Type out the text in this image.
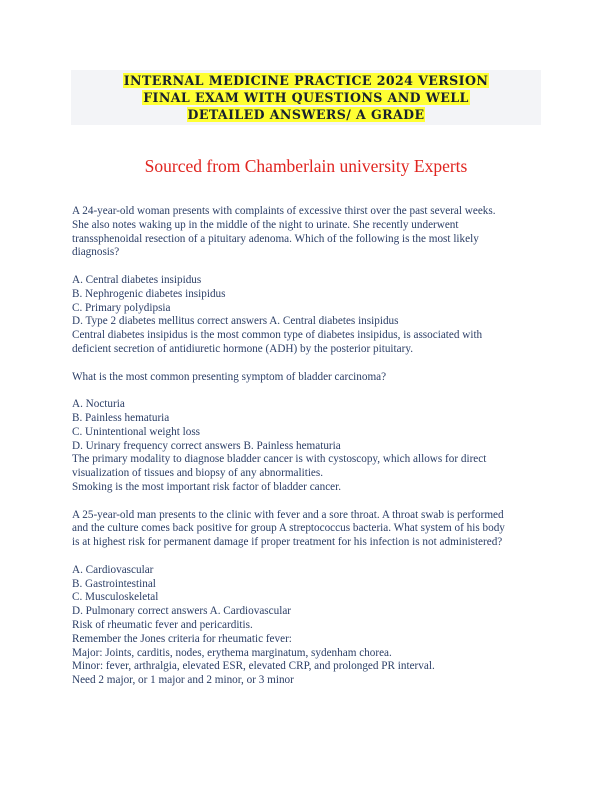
INTERNAL MEDICINE PRACTICE 2024 VERSION
FINAL EXAM WITH QUESTIONS AND WELL
DETAILED ANSWERS/ A GRADE
Sourced from Chamberlain university Experts
A 24-year-old woman presents with complaints of excessive thirst over the past several weeks.
She also notes waking up in the middle of the night to urinate. She recently underwent
transsphenoidal resection of a pituitary adenoma. Which of the following is the most likely
diagnosis?
A. Central diabetes insipidus
B. Nephrogenic diabetes insipidus
C. Primary polydipsia
D. Type 2 diabetes mellitus correct answers A. Central diabetes insipidus
Central diabetes insipidus is the most common type of diabetes insipidus, is associated with
deficient secretion of antidiuretic hormone (ADH) by the posterior pituitary.
What is the most common presenting symptom of bladder carcinoma?
A. Nocturia
B. Painless hematuria
C. Unintentional weight loss
D. Urinary frequency correct answers B. Painless hematuria
The primary modality to diagnose bladder cancer is with cystoscopy, which allows for direct
visualization of tissues and biopsy of any abnormalities.
Smoking is the most important risk factor of bladder cancer.
A 25-year-old man presents to the clinic with fever and a sore throat. A throat swab is performed
and the culture comes back positive for group A streptococcus bacteria. What system of his body
is at highest risk for permanent damage if proper treatment for his infection is not administered?
A. Cardiovascular
B. Gastrointestinal
C. Musculoskeletal
D. Pulmonary correct answers A. Cardiovascular
Risk of rheumatic fever and pericarditis.
Remember the Jones criteria for rheumatic fever:
Major: Joints, carditis, nodes, erythema marginatum, sydenham chorea.
Minor: fever, arthralgia, elevated ESR, elevated CRP, and prolonged PR interval.
Need 2 major, or 1 major and 2 minor, or 3 minor
